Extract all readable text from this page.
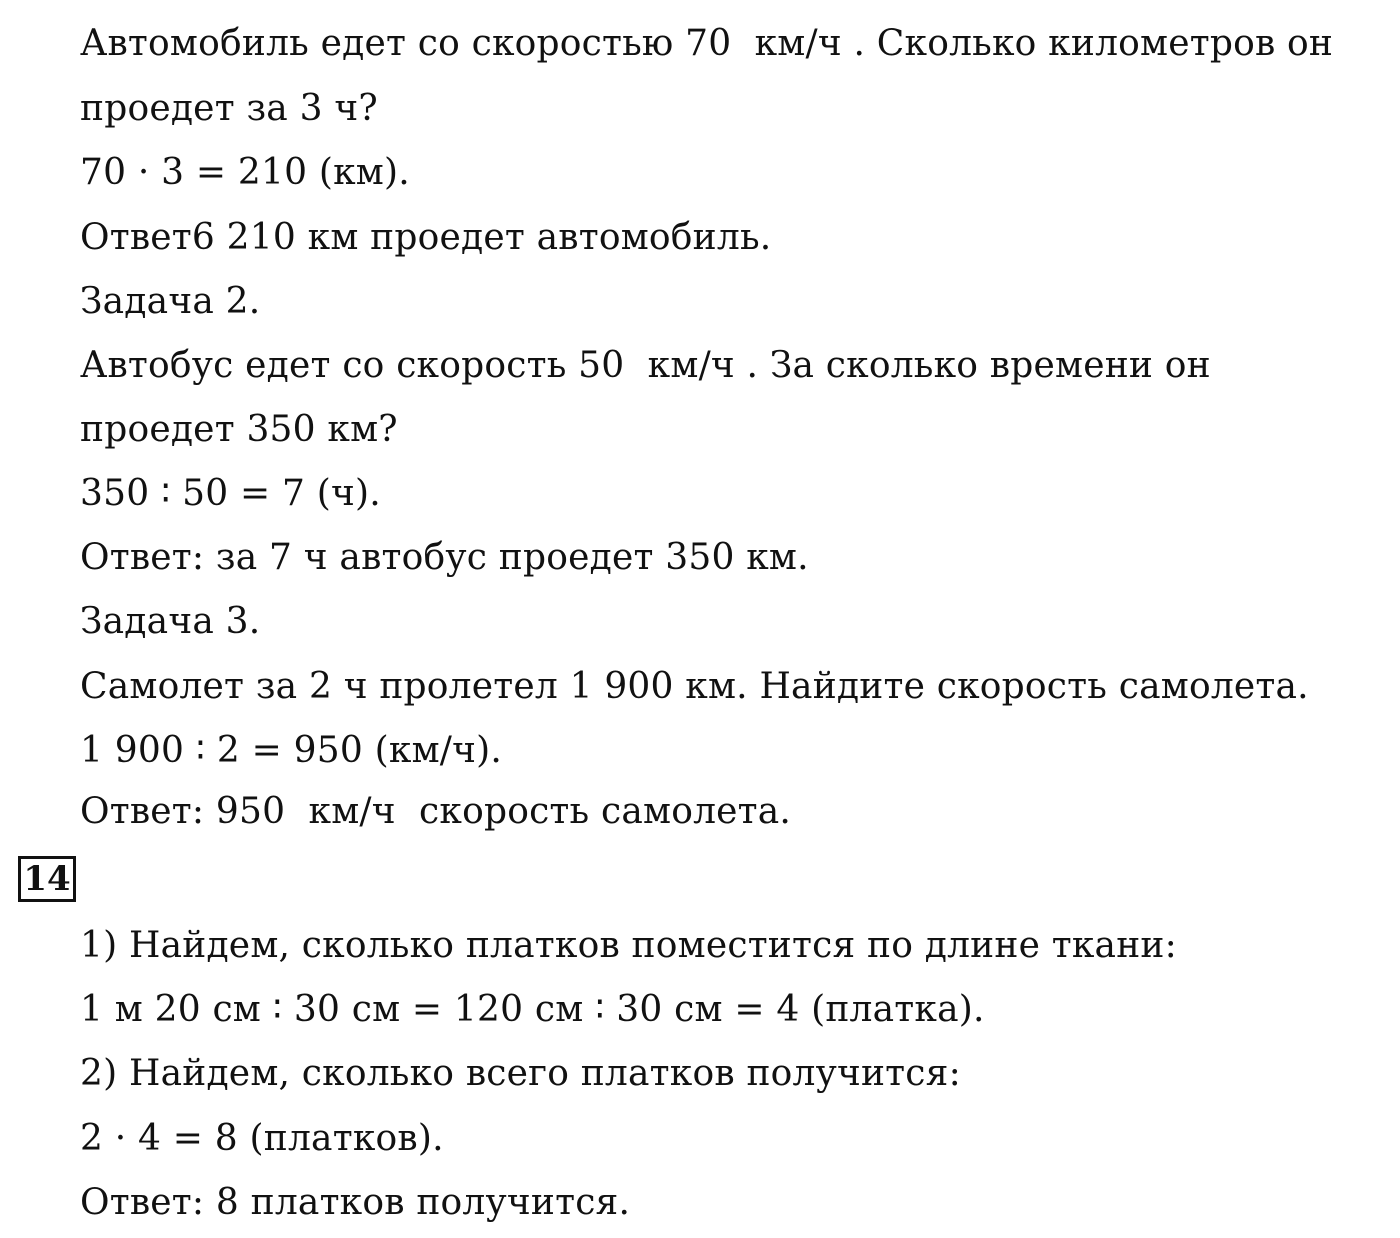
Автомобиль едет со скоростью 70  км/ч . Сколько километров он
проедет за 3 ч?
70 · 3 = 210 (км).
Ответ6 210 км проедет автомобиль.
Задача 2.
Автобус едет со скорость 50  км/ч . За сколько времени он
проедет 350 км?
350 ∶ 50 = 7 (ч).
Ответ: за 7 ч автобус проедет 350 км.
Задача 3.
Самолет за 2 ч пролетел 1 900 км. Найдите скорость самолета.
1 900 ∶ 2 = 950 (км/ч).
Ответ: 950  км/ч  скорость самолета.
14
1) Найдем, сколько платков поместится по длине ткани:
1 м 20 см ∶ 30 см = 120 см ∶ 30 см = 4 (платка).
2) Найдем, сколько всего платков получится:
2 · 4 = 8 (платков).
Ответ: 8 платков получится.
